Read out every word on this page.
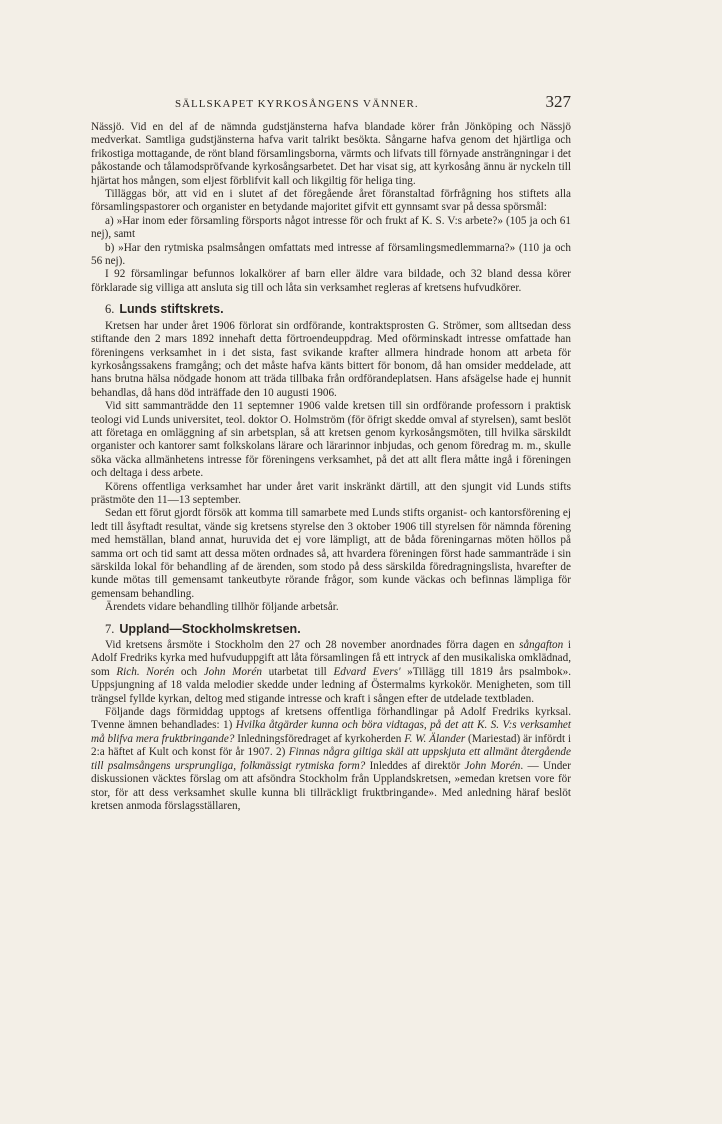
SÄLLSKAPET KYRKOSÅNGENS VÄNNER.	327

Nässjö. Vid en del af de nämnda gudstjänsterna hafva blandade körer från Jönköping och Nässjö medverkat. Samtliga gudstjänsterna hafva varit talrikt besökta. Sångarne hafva genom det hjärtliga och frikostiga mottagande, de rönt bland församlingsborna, värmts och lifvats till förnyade ansträngningar i det påkostande och tålamodspröfvande kyrkosångsarbetet. Det har visat sig, att kyrkosång ännu är nyckeln till hjärtat hos mången, som eljest förblifvit kall och likgiltig för heliga ting.

Tilläggas bör, att vid en i slutet af det föregående året föranstaltad förfrågning hos stiftets alla församlingspastorer och organister en betydande majoritet gifvit ett gynnsamt svar på dessa spörsmål:

a) »Har inom eder församling försports något intresse för och frukt af K. S. V:s arbete?» (105 ja och 61 nej), samt

b) »Har den rytmiska psalmsången omfattats med intresse af församlingsmedlemmarna?» (110 ja och 56 nej).

I 92 församlingar befunnos lokalkörer af barn eller äldre vara bildade, och 32 bland dessa körer förklarade sig villiga att ansluta sig till och låta sin verksamhet regleras af kretsens hufvudkörer.

6. Lunds stiftskrets.

Kretsen har under året 1906 förlorat sin ordförande, kontraktsprosten G. Strömer, som alltsedan dess stiftande den 2 mars 1892 innehaft detta förtroendeuppdrag. Med oförminskadt intresse omfattade han föreningens verksamhet in i det sista, fast svikande krafter allmera hindrade honom att arbeta för kyrkosångssakens framgång; och det måste hafva känts bittert för bonom, då han omsider meddelade, att hans brutna hälsa nödgade honom att träda tillbaka från ordförandeplatsen. Hans afsägelse hade ej hunnit behandlas, då hans död inträffade den 10 augusti 1906.

Vid sitt sammanträdde den 11 septemner 1906 valde kretsen till sin ordförande professorn i praktisk teologi vid Lunds universitet, teol. doktor O. Holmström (för öfrigt skedde omval af styrelsen), samt beslöt att företaga en omläggning af sin arbetsplan, så att kretsen genom kyrkosångsmöten, till hvilka särskildt organister och kantorer samt folkskolans lärare och lärarinnor inbjudas, och genom föredrag m. m., skulle söka väcka allmänhetens intresse för föreningens verksamhet, på det att allt flera måtte ingå i föreningen och deltaga i dess arbete.

Körens offentliga verksamhet har under året varit inskränkt därtill, att den sjungit vid Lunds stifts prästmöte den 11—13 september.

Sedan ett förut gjordt försök att komma till samarbete med Lunds stifts organist- och kantorsförening ej ledt till åsyftadt resultat, vände sig kretsens styrelse den 3 oktober 1906 till styrelsen för nämnda förening med hemställan, bland annat, huruvida det ej vore lämpligt, att de båda föreningarnas möten höllos på samma ort och tid samt att dessa möten ordnades så, att hvardera föreningen först hade sammanträde i sin särskilda lokal för behandling af de ärenden, som stodo på dess särskilda föredragningslista, hvarefter de kunde mötas till gemensamt tankeutbyte rörande frågor, som kunde väckas och befinnas lämpliga för gemensam behandling.

Ärendets vidare behandling tillhör följande arbetsår.

7. Uppland—Stockholmskretsen.

Vid kretsens årsmöte i Stockholm den 27 och 28 november anordnades förra dagen en sångafton i Adolf Fredriks kyrka med hufvuduppgift att låta församlingen få ett intryck af den musikaliska omklädnad, som Rich. Norén och John Morén utarbetat till Edvard Evers' »Tillägg till 1819 års psalmbok». Uppsjungning af 18 valda melodier skedde under ledning af Östermalms kyrkokör. Menigheten, som till trängsel fyllde kyrkan, deltog med stigande intresse och kraft i sången efter de utdelade textbladen.

Följande dags förmiddag upptogs af kretsens offentliga förhandlingar på Adolf Fredriks kyrksal. Tvenne ämnen behandlades: 1) Hvilka åtgärder kunna och böra vidtagas, på det att K. S. V:s verksamhet må blifva mera fruktbringande? Inledningsföredraget af kyrkoherden F. W. Älander (Mariestad) är infördt i 2:a häftet af Kult och konst för år 1907. 2) Finnas några giltiga skäl att uppskjuta ett allmänt återgående till psalmsångens ursprungliga, folkmässigt rytmiska form? Inleddes af direktör John Morén. — Under diskussionen väcktes förslag om att afsöndra Stockholm från Upplandskretsen, »emedan kretsen vore för stor, för att dess verksamhet skulle kunna bli tillräckligt fruktbringande». Med anledning häraf beslöt kretsen anmoda förslagsställaren,
